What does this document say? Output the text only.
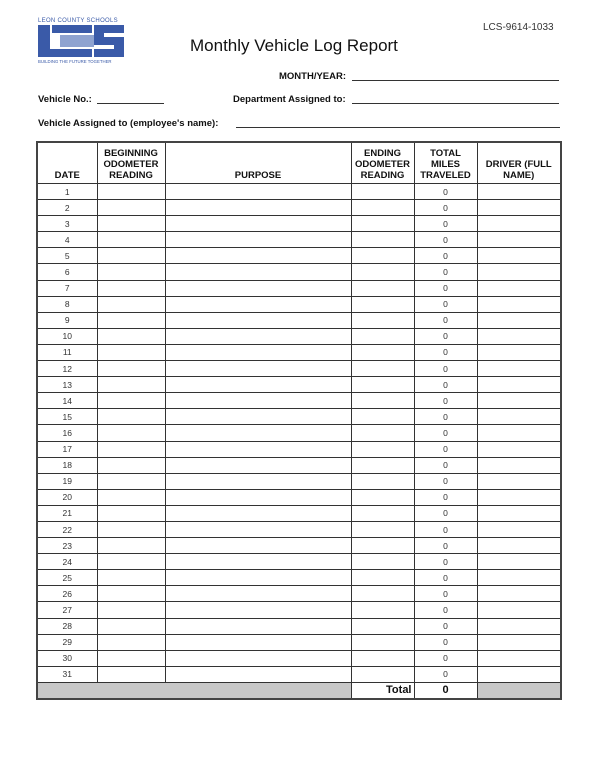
LEON COUNTY SCHOOLS
BUILDING THE FUTURE TOGETHER
LCS-9614-1033
Monthly Vehicle Log Report
MONTH/YEAR:
Vehicle No.:	Department Assigned to:
Vehicle Assigned to (employee's name):
DATE	BEGINNING ODOMETER READING	PURPOSE	ENDING ODOMETER READING	TOTAL MILES TRAVELED	DRIVER (FULL NAME)
1				0	
2				0	
3				0	
4				0	
5				0	
6				0	
7				0	
8				0	
9				0	
10				0	
11				0	
12				0	
13				0	
14				0	
15				0	
16				0	
17				0	
18				0	
19				0	
20				0	
21				0	
22				0	
23				0	
24				0	
25				0	
26				0	
27				0	
28				0	
29				0	
30				0	
31				0	
			Total	0	
